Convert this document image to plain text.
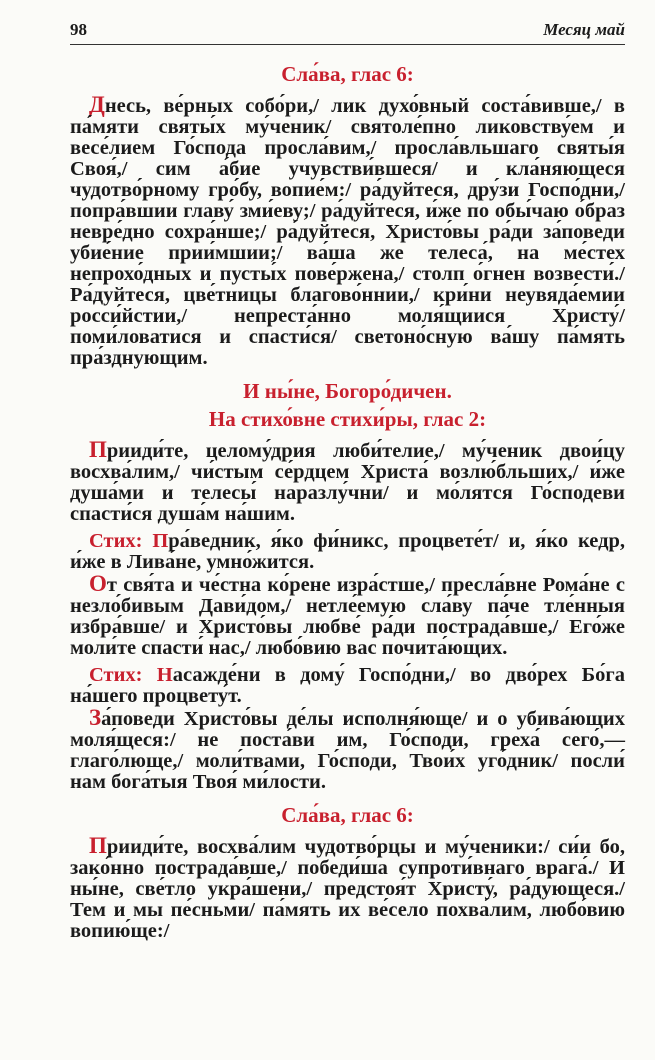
98	Месяц май
Сла́ва, глас 6:

Днесь, ве́рных собо́ри,/ лик духо́вный соста́вивше,/ в па́мяти святы́х му́ченик/ святоле́пно ликовству́ем и весе́лием Го́спода просла́вим,/ просла́вльшаго святы́я Своя́,/ сим а́бие учувстви́вшеся/ и кла́няющеся чудотво́рному гро́бу, вопие́м:/ ра́дуйтеся, дру́зи Госпо́дни,/ попра́вшии главу́ зми́еву;/ ра́дуйтеся, и́же по обы́чаю о́браз невре́дно сохра́нше;/ ра́дуйтеся, Христо́вы ра́ди за́поведи убие́ние прии́мшии;/ ва́ша же телеса́, на ме́стех непрохо́дных и пусты́х пове́ржена,/ столп о́гнен возвести́./ Ра́дуйтеся, цве́тницы благово́ннии,/ кри́ни неувяда́емии росси́йстии,/ непреста́нно моля́щиися Христу́/ поми́ловатися и спасти́ся/ светоно́сную ва́шу па́мять пра́зднующим.

И ны́не, Богоро́дичен.
На стихо́вне стихи́ры, глас 2:

Прииди́те, целому́дрия люби́телие,/ му́ченик двои́цу восхва́лим,/ чи́стым се́рдцем Христа́ возлю́бльших,/ и́же душа́ми и телесы́ наразлу́чни/ и мо́лятся Го́сподеви спасти́ся душа́м на́шим.

Стих: Пра́ведник, я́ко фи́никс, процвете́т/ и, я́ко кедр, и́же в Лива́не, умно́жится.

От свя́та и че́стна ко́рене изра́стше,/ пресла́вне Рома́не с незло́бивым Дави́дом,/ нетле́емую сла́ву па́че тле́нныя избра́вше/ и Христо́вы любве́ ра́ди пострада́вше,/ Его́же моли́те спасти́ нас,/ любо́вию вас почита́ющих.

Стих: Насажде́ни в дому́ Госпо́дни,/ во дво́рех Бо́га на́шего процвету́т.

За́поведи Христо́вы де́лы исполня́юще/ и о убива́ющих моля́щеся:/ не поста́ви им, Го́споди, греха́ сего́,— глаго́люще,/ моли́твами, Го́споди, Твои́х уго́дник/ посли́ нам бога́тыя Твоя́ ми́лости.

Сла́ва, глас 6:

Прииди́те, восхва́лим чудотво́рцы и му́ченики:/ си́и бо, зако́нно пострада́вше,/ победи́ша супроти́внаго врага́./ И ны́не, све́тло укра́шени,/ предстоя́т Христу́, ра́дующеся./ Тем и мы пе́сньми/ па́мять их ве́село похва́лим, любо́вию вопию́ще:/
